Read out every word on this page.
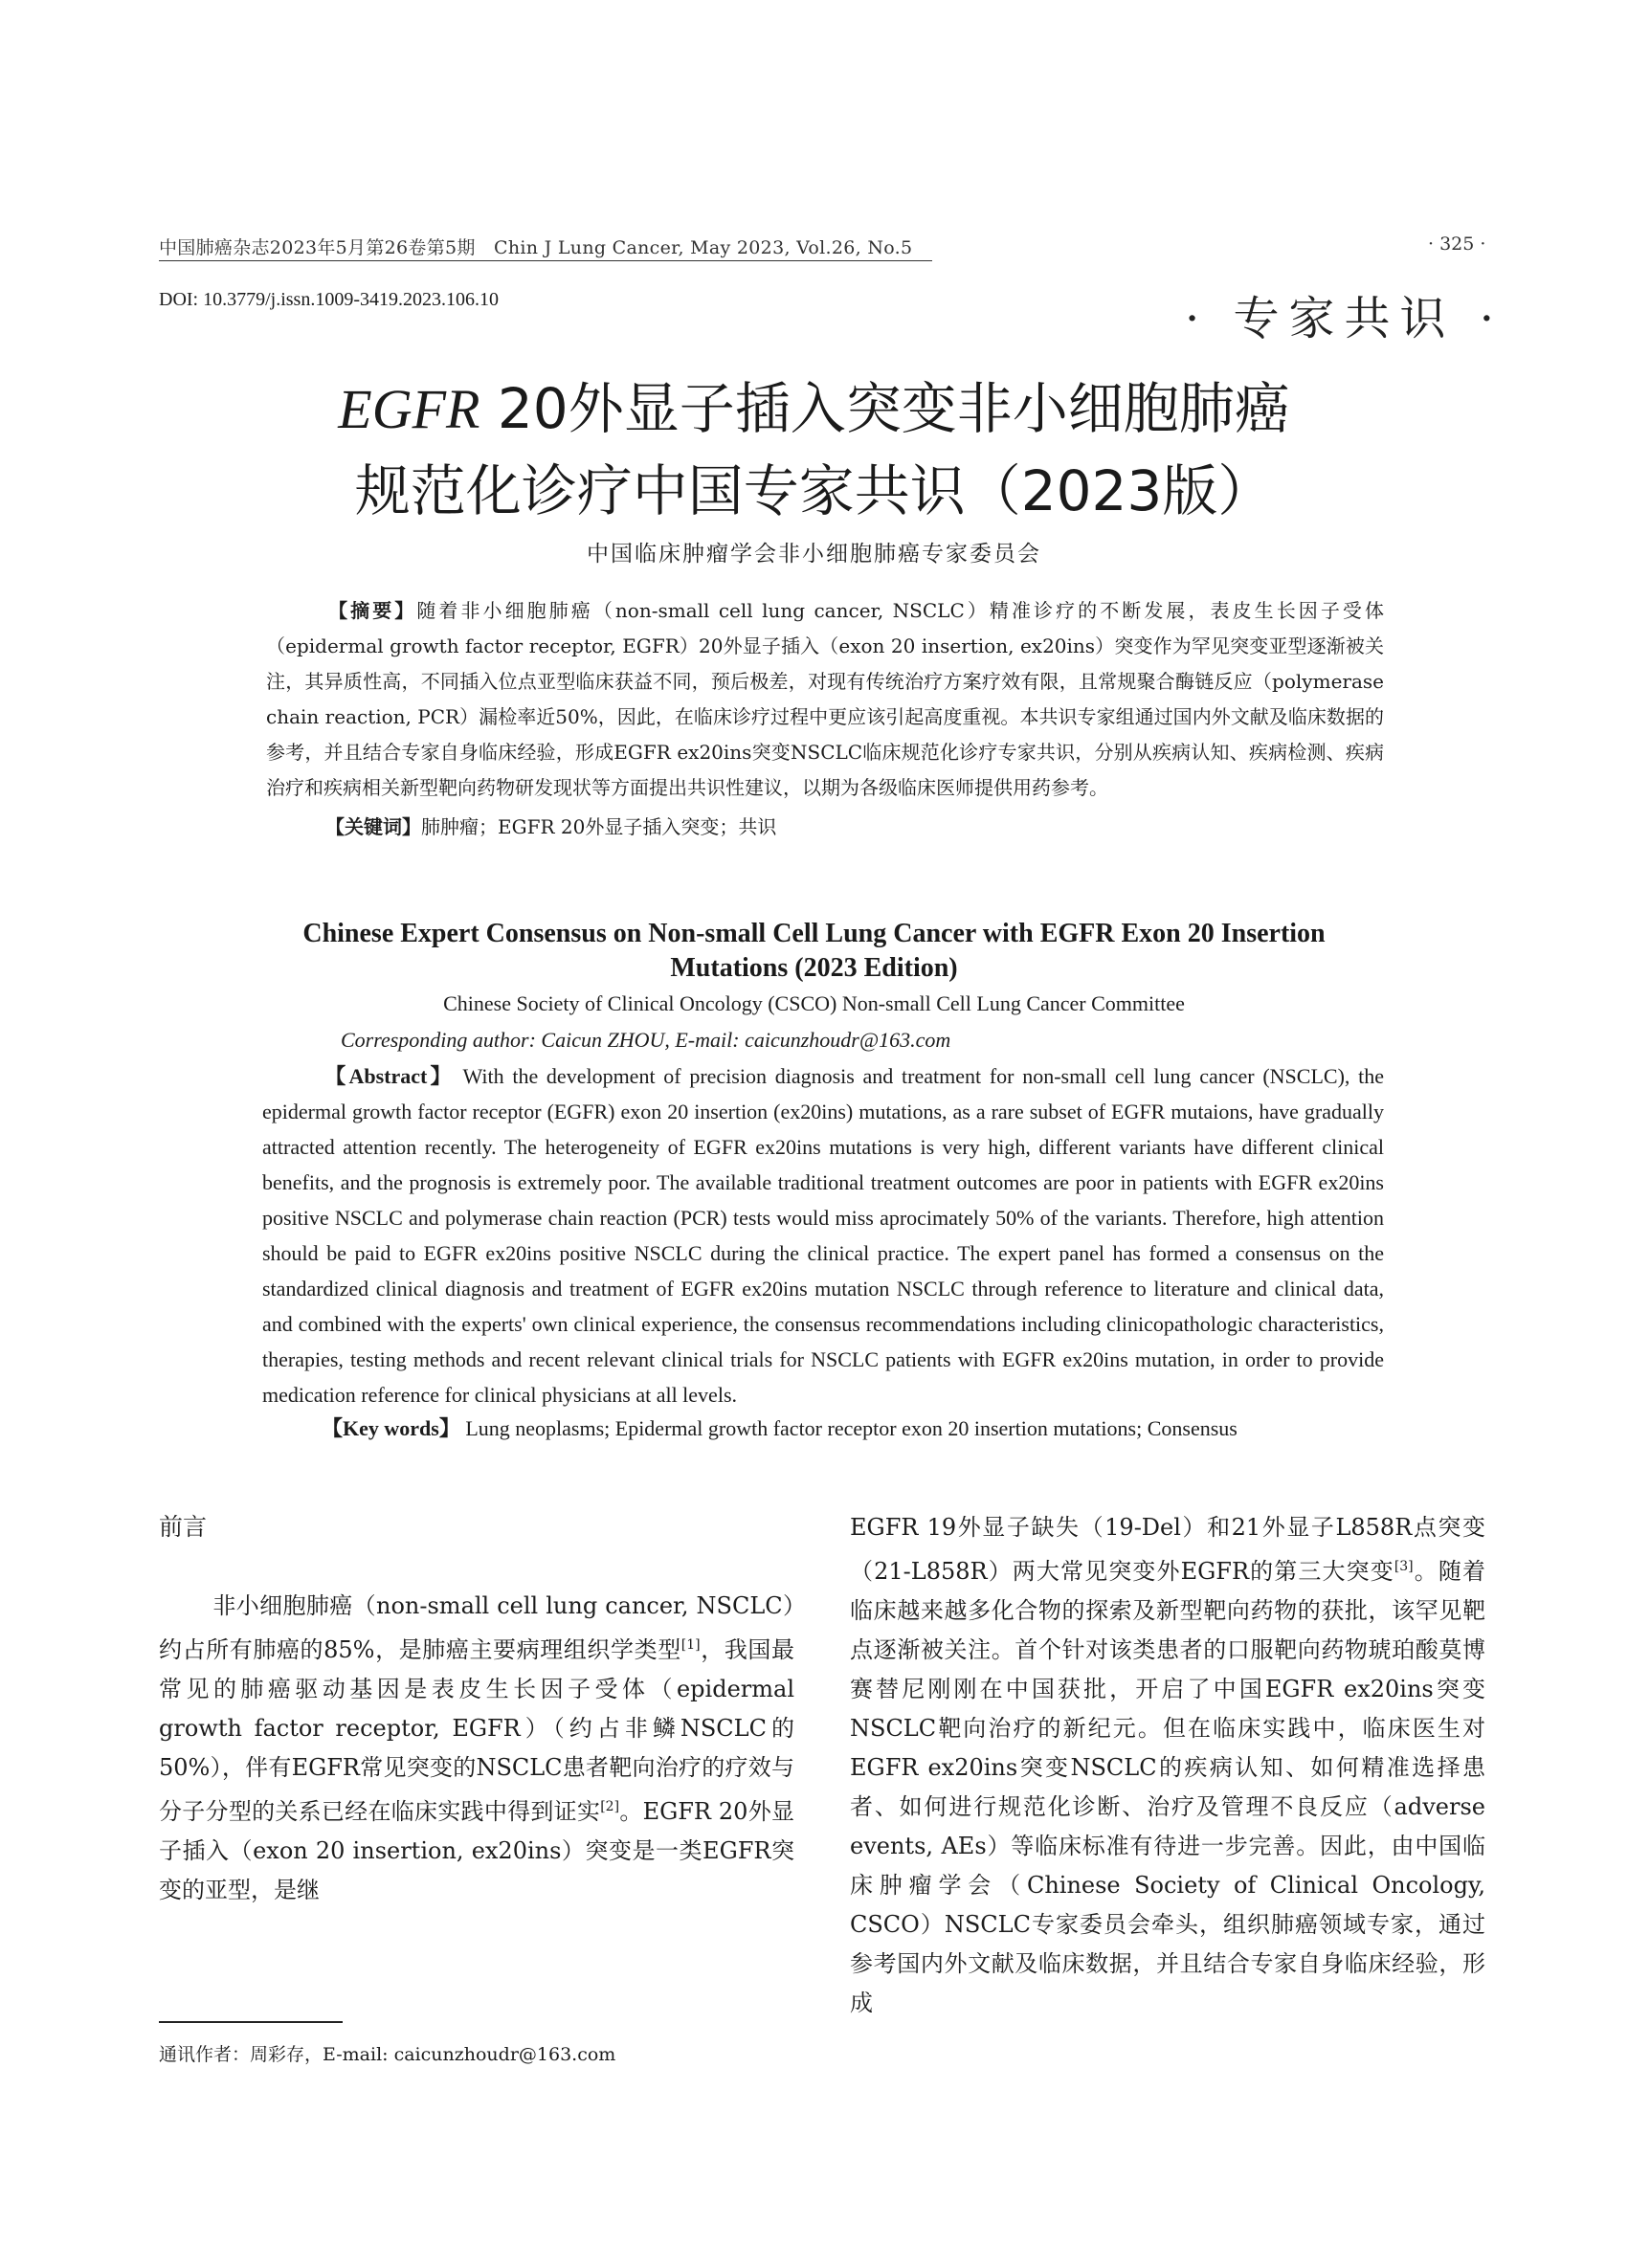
中国肺癌杂志2023年5月第26卷第5期　Chin J Lung Cancer, May 2023, Vol.26, No.5	· 325 ·
DOI: 10.3779/j.issn.1009-3419.2023.106.10	· 专家共识 ·
EGFR 20外显子插入突变非小细胞肺癌
规范化诊疗中国专家共识（2023版）
中国临床肿瘤学会非小细胞肺癌专家委员会
【摘要】随着非小细胞肺癌（non-small cell lung cancer, NSCLC）精准诊疗的不断发展，表皮生长因子受体（epidermal growth factor receptor, EGFR）20外显子插入（exon 20 insertion, ex20ins）突变作为罕见突变亚型逐渐被关注，其异质性高，不同插入位点亚型临床获益不同，预后极差，对现有传统治疗方案疗效有限，且常规聚合酶链反应（polymerase chain reaction, PCR）漏检率近50%，因此，在临床诊疗过程中更应该引起高度重视。本共识专家组通过国内外文献及临床数据的参考，并且结合专家自身临床经验，形成EGFR ex20ins突变NSCLC临床规范化诊疗专家共识，分别从疾病认知、疾病检测、疾病治疗和疾病相关新型靶向药物研发现状等方面提出共识性建议，以期为各级临床医师提供用药参考。
【关键词】肺肿瘤；EGFR 20外显子插入突变；共识
Chinese Expert Consensus on Non-small Cell Lung Cancer with EGFR Exon 20 Insertion
Mutations (2023 Edition)
Chinese Society of Clinical Oncology (CSCO) Non-small Cell Lung Cancer Committee
Corresponding author: Caicun ZHOU, E-mail: caicunzhoudr@163.com
【Abstract】 With the development of precision diagnosis and treatment for non-small cell lung cancer (NSCLC), the epidermal growth factor receptor (EGFR) exon 20 insertion (ex20ins) mutations, as a rare subset of EGFR mutaions, have gradually attracted attention recently. The heterogeneity of EGFR ex20ins mutations is very high, different variants have different clinical benefits, and the prognosis is extremely poor. The available traditional treatment outcomes are poor in patients with EGFR ex20ins positive NSCLC and polymerase chain reaction (PCR) tests would miss aprocimately 50% of the variants. Therefore, high attention should be paid to EGFR ex20ins positive NSCLC during the clinical practice. The expert panel has formed a consensus on the standardized clinical diagnosis and treatment of EGFR ex20ins mutation NSCLC through reference to literature and clinical data, and combined with the experts' own clinical experience, the consensus recommendations including clinicopathologic characteristics, therapies, testing methods and recent relevant clinical trials for NSCLC patients with EGFR ex20ins mutation, in order to provide medication reference for clinical physicians at all levels.
【Key words】 Lung neoplasms; Epidermal growth factor receptor exon 20 insertion mutations; Consensus
前言
非小细胞肺癌（non-small cell lung cancer, NSCLC）约占所有肺癌的85%，是肺癌主要病理组织学类型[1]，我国最常见的肺癌驱动基因是表皮生长因子受体（epidermal growth factor receptor, EGFR）（约占非鳞NSCLC的50%），伴有EGFR常见突变的NSCLC患者靶向治疗的疗效与分子分型的关系已经在临床实践中得到证实[2]。EGFR 20外显子插入（exon 20 insertion, ex20ins）突变是一类EGFR突变的亚型，是继
EGFR 19外显子缺失（19-Del）和21外显子L858R点突变（21-L858R）两大常见突变外EGFR的第三大突变[3]。随着临床越来越多化合物的探索及新型靶向药物的获批，该罕见靶点逐渐被关注。首个针对该类患者的口服靶向药物琥珀酸莫博赛替尼刚刚在中国获批，开启了中国EGFR ex20ins突变NSCLC靶向治疗的新纪元。但在临床实践中，临床医生对EGFR ex20ins突变NSCLC的疾病认知、如何精准选择患者、如何进行规范化诊断、治疗及管理不良反应（adverse events, AEs）等临床标准有待进一步完善。因此，由中国临床肿瘤学会（Chinese Society of Clinical Oncology, CSCO）NSCLC专家委员会牵头，组织肺癌领域专家，通过参考国内外文献及临床数据，并且结合专家自身临床经验，形成
通讯作者：周彩存，E-mail: caicunzhoudr@163.com
